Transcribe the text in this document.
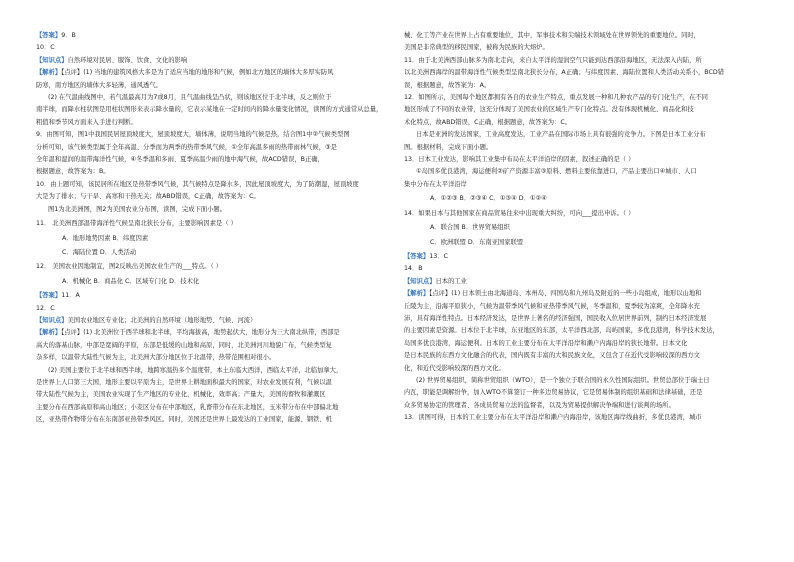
【答案】9．B
10．C
【知识点】自然环境对民居、服饰、饮食、文化的影响
【解析】【点评】(1) 当地的建筑风格大多是为了适应当地的地形和气候，例如北方地区的墙体大多厚实防风
防寒，南方地区的墙体大多轻薄，通风透气。
(2) 在气温曲线图中，若气温最高月为7或8月，且气温曲线呈凸状，则该地区位于北半球，反之则位于
南半球，而降水柱状图是用柱状图形来表示降水量的，它表示某地在一定时间内的降水量变化情况，读图的方式通常从总量，
粗值和季节风方面来入手进行判断。
9．由图可知，图1中我国民居屋顶坡度大，屋顶坡度大，墙体薄，说明当地的气候是热，结合图1中②气候类型图
分析可知，该气候类型属于全年高温、分季而为两季的热带季风气候，①全年高温多雨的热带雨林气候，③是
全年温和湿润的温带海洋性气候，④冬季温和多雨、夏季高温少雨的地中海气候，故ACD错误，B正确，
根据题意，故答案为：B。
10．由上题可知，该民居所在地区是热带季风气候，其气候特点是降水多，因此屋顶坡度大，为了防潮湿，屋顶坡度
大是为了排水；与干旱、高寒和干热无关；故ABD错误，C正确，故答案为：C。
图1为北美洲图，图2为美国农业分布图，读图，完成下面小题。
11． 北美洲西部温带海洋性气候呈南北狭长分布，主要影响因素是（ ）
A．地形地势因素 B．纬度因素
C．海陆位置 D．人类活动
12． 美国农业因地制宜，图2反映出美国农业生产的___特点。（ ）
A．机械化 B．商品化 C．区域专门化 D．技术化
【答案】11．A
12．C
【知识点】美国农业地区专业化；北美洲的自然环境（地形地势、气候、河流）
【解析】【点评】(1) 北美洲位于西半球和北半球，平均海拔高，地势起伏大，地形分为三大南北纵带，西部是
高大的落基山脉，中部是宽阔的平原，东部是低缓的山地和高原，同时，北美洲河川地貌广布，气候类型复
杂多样，以温带大陆性气候为主，北美洲大部分地区位于北温带，热带范围相对很小。
(2) 美国主要位于北半球和西半球，地跨寒温热多个温度带，本土东临大西洋，西临太平洋，北临加拿大，
是世界上人口第三大国，地形主要以平原为主，是世界上耕地面积最大的国家，对农业发展有利，气候以温
带大陆性气候为主，美国农业实现了生产地区的专业化，机械化，效率高；产量大，美国的畜牧和灌溉区
主要分布在西部高原和高山地区；小麦区分布在中部地区，乳畜带分布在东北地区，玉米带分布在中部偏北地
区，亚热带作物带分布在东南部亚热带季风区。同时，美国还是世界上最发达的工业国家，能源、钢铁、机
械、化工等产业在世界上占有重要地位，其中，军事技术和尖端技术领域处在世界领先的重要地位。同时，
美国是非常典型的移民国家，被称为民族的大熔炉。
11．由于北美洲西部山脉多为南北走向，来自太平洋的湿润空气只能到达西部沿海地区，无法深入内陆，所
以北美洲西海岸的温带海洋性气候类型呈南北狭长分布，A正确；与纬度因素、海陆位置和人类活动关系小，BCD错
误，根据题意，故答案为：A。
12．如图所示，美国每个地区都拥有各自的农业生产特点，重点发展一种和几种农产品的专门化生产，在不同
地区形成了不同的农业带，这充分体现了美国农业的区域生产专门化特点。没有体现机械化、商品化和技
术化特点，故ABD错误，C正确，根据题意，故答案为：C。
日本是亚洲的发达国家，工业高度发达，工业产品在国际市场上具有很强的竞争力。下图是日本工业分布
图。根据材料，完成下面小题。
13．日本工业发达，影响其工业集中布局在太平洋沿岸的因素，叙述正确的是（ ）
①岛国多优良港湾，海运便利②矿产资源丰富③原料、燃料主要依靠进口，产品主要出口④城市、人口
集中分布在太平洋沿岸
A．①②③ B．②③④ C．①③④ D．①②④
14．如果日本与其他国家在商品贸易往来中出现重大纠纷，可向___提出申诉。（ ）
A．联合国 B．世界贸易组织
C．欧洲联盟 D．东南亚国家联盟
【答案】13．C
14．B
【知识点】日本的工业
【解析】【点评】(1) 日本领土由北海道岛、本州岛、四国岛和九州岛及附近的一些小岛组成，地形以山地和
丘陵为主，沿海平原狭小，气候为温带季风气候和亚热带季风气候，冬季温和，夏季较为凉爽，全年降水充
沛，具有海洋性特点。日本经济发达，是世界上著名的经济强国，国民收入位居世界前列，制约日本经济发展
的主要因素是资源。日本位于北半球，东亚地区的东部，太平洋西北部，岛屿国家，多优良港湾，科学技术发达，
岛国多优良港湾，海运便利。日本的工业主要分布在太平洋沿岸和濑户内海沿岸的狭长地带。日本文化
是日本民族的东西方文化融合的代表，国内既有丰富的大和民族文化，又包含了在近代受影响较深的西方文
化，和近代受影响较深的西方文化。
(2) 世界贸易组织，简称世贸组织（WTO），是一个独立于联合国的永久性国际组织。世贸总部位于瑞士日
内瓦，职能是调解纷争，加入WTO不算签订一种多边贸易协议，它是贸易体制的组织基础和法律基础，还是
众多贸易协定的管理者、各成员贸易立法的监督者，以及为贸易提供解决争端和进行谈判的场所。
13．读图可得，日本的工业主要分布在太平洋沿岸和濑户内海沿岸，该地区海岸线曲折，多优良港湾，城市
